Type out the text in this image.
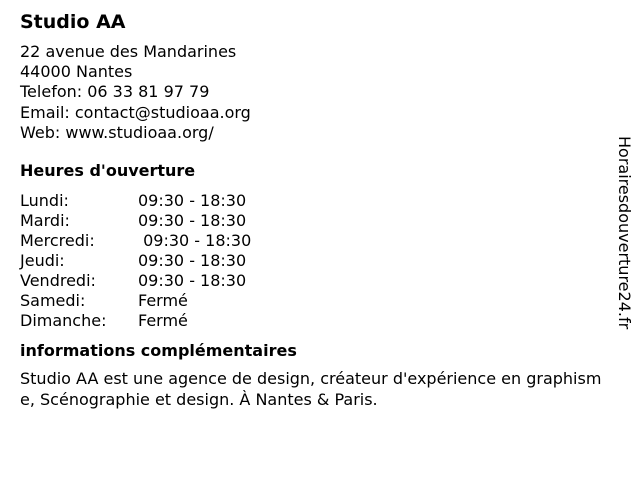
Studio AA
22 avenue des Mandarines
44000 Nantes
Telefon: 06 33 81 97 79
Email: contact@studioaa.org
Web: www.studioaa.org/
Heures d'ouverture
Lundi:	09:30 - 18:30
Mardi:	09:30 - 18:30
Mercredi:	09:30 - 18:30
Jeudi:	09:30 - 18:30
Vendredi:	09:30 - 18:30
Samedi:	Fermé
Dimanche:	Fermé
informations complémentaires
Studio AA est une agence de design, créateur d'expérience en graphisme, Scénographie et design. À Nantes & Paris.
Horairesdouverture24.fr
